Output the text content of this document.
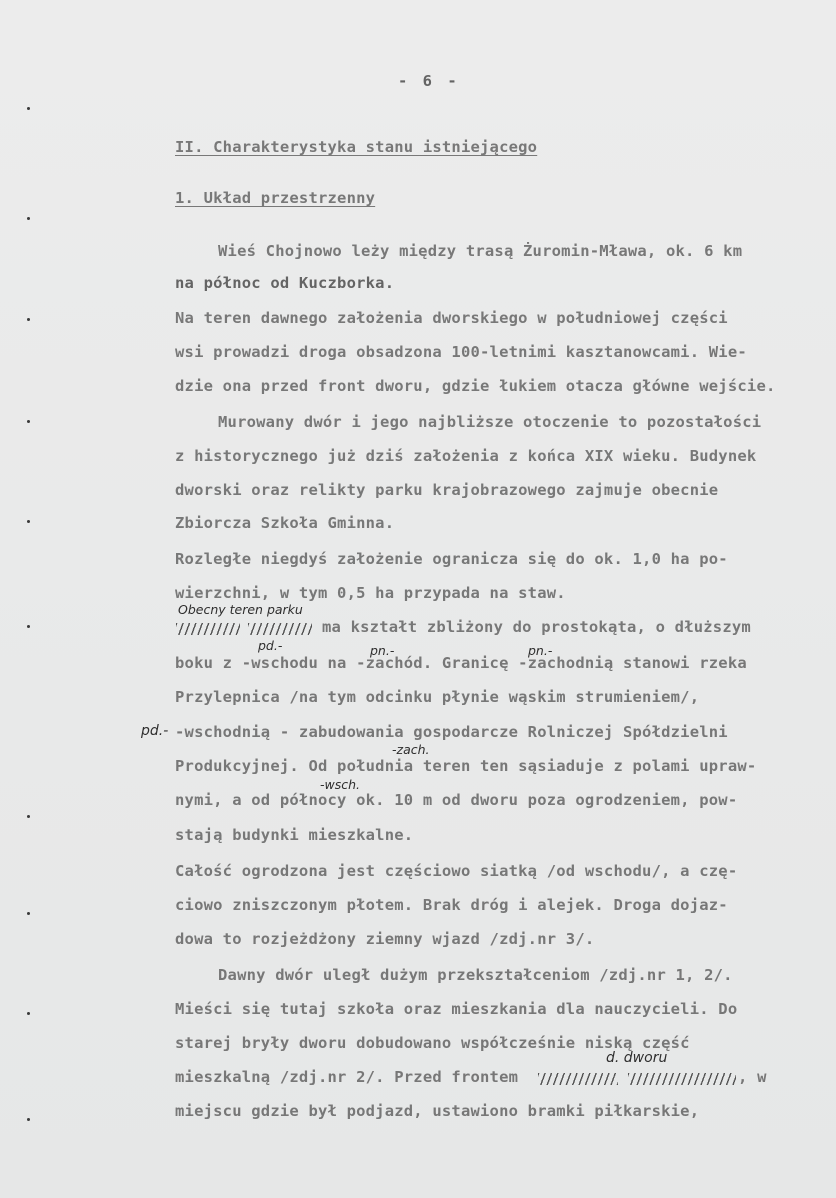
- 6 -
II. Charakterystyka stanu istniejącego
1. Układ przestrzenny
Wieś Chojnowo leży między trasą Żuromin-Mława, ok. 6 km
na północ od Kuczborka.
Na teren dawnego założenia dworskiego w południowej części
wsi prowadzi droga obsadzona 100-letnimi kasztanowcami. Wie-
dzie ona przed front dworu, gdzie łukiem otacza główne wejście.
Murowany dwór i jego najbliższe otoczenie to pozostałości
z historycznego już dziś założenia z końca XIX wieku. Budynek
dworski oraz relikty parku krajobrazowego zajmuje obecnie
Zbiorcza Szkoła Gminna.
Rozległe niegdyś założenie ogranicza się do ok. 1,0 ha po-
wierzchni, w tym 0,5 ha przypada na staw.
Obecny teren parku
ma kształt zbliżony do prostokąta, o dłuższym
pd.-	pn.-	pn.-
boku z -wschodu na -zachód. Granicę -zachodnią stanowi rzeka
Przylepnica /na tym odcinku płynie wąskim strumieniem/,
pd.- -wschodnią - zabudowania gospodarcze Rolniczej Spółdzielni
-zach.
Produkcyjnej. Od południa teren ten sąsiaduje z polami upraw-
-wsch.
nymi, a od północy ok. 10 m od dworu poza ogrodzeniem, pow-
stają budynki mieszkalne.
Całość ogrodzona jest częściowo siatką /od wschodu/, a czę-
ciowo zniszczonym płotem. Brak dróg i alejek. Droga dojaz-
dowa to rozjeżdżony ziemny wjazd /zdj.nr 3/.
Dawny dwór uległ dużym przekształceniom /zdj.nr 1, 2/.
Mieści się tutaj szkoła oraz mieszkania dla nauczycieli. Do
starej bryły dworu dobudowano współcześnie niską część
d. dworu
mieszkalną /zdj.nr 2/. Przed frontem	, w
miejscu gdzie był podjazd, ustawiono bramki piłkarskie,
